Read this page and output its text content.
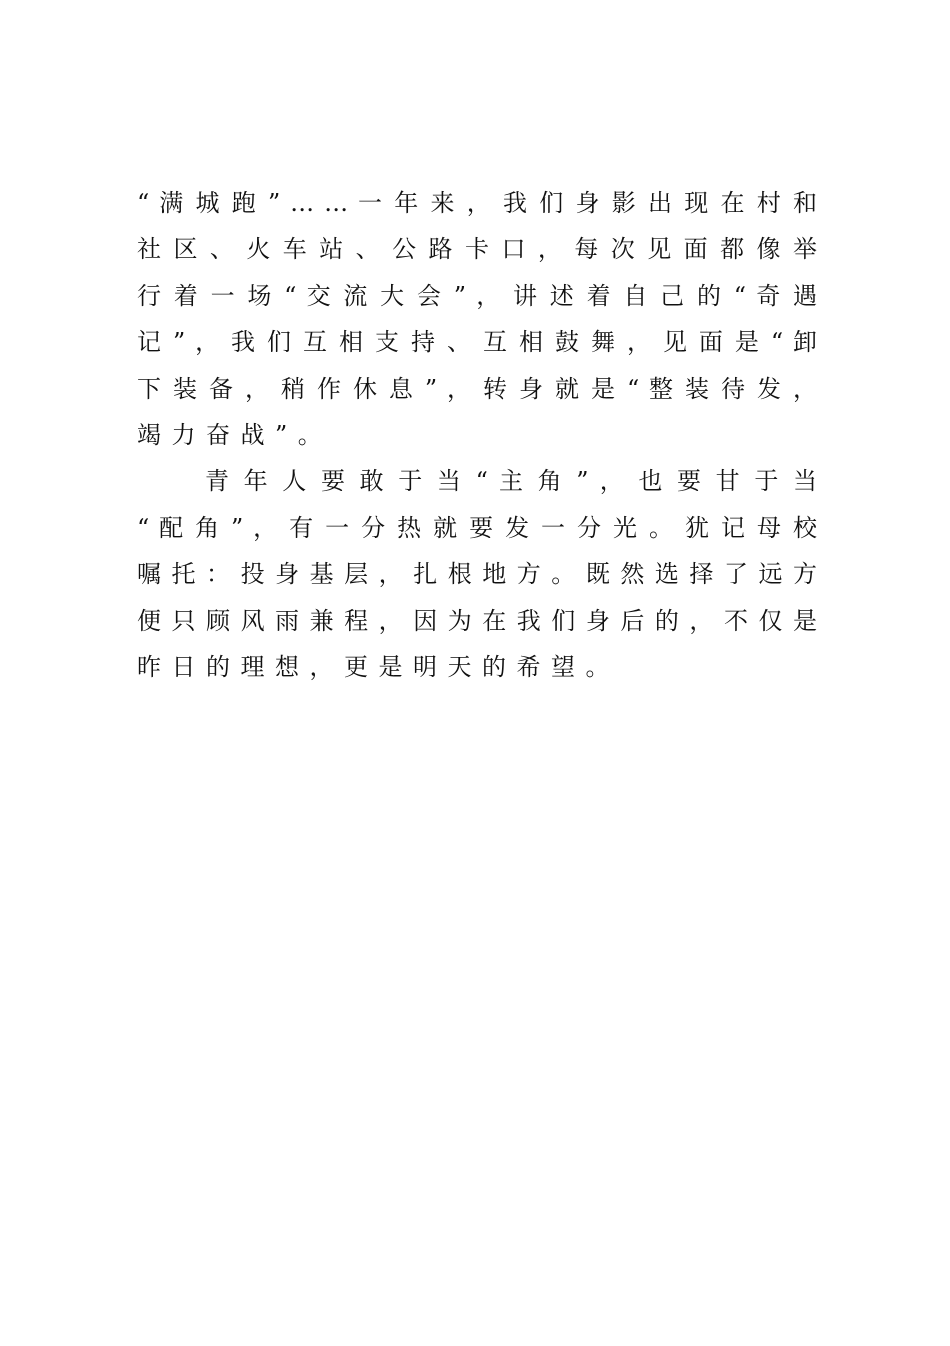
“ 满 城 跑 ” … … 一 年 来 ， 我 们 身 影 出 现 在 村 和
社 区 、 火 车 站 、 公 路 卡 口 ， 每 次 见 面 都 像 举
行 着 一 场 “ 交 流 大 会 ” ， 讲 述 着 自 己 的 “ 奇 遇
记 ” ， 我 们 互 相 支 持 、 互 相 鼓 舞 ， 见 面 是 “ 卸
下 装 备 ， 稍 作 休 息 ” ， 转 身 就 是 “ 整 装 待 发 ，
竭力奋战”。
青 年 人 要 敢 于 当 “ 主 角 ” ， 也 要 甘 于 当
“ 配 角 ” ， 有 一 分 热 就 要 发 一 分 光 。 犹 记 母 校
嘱 托 ： 投 身 基 层 ， 扎 根 地 方 。 既 然 选 择 了 远 方
便 只 顾 风 雨 兼 程 ， 因 为 在 我 们 身 后 的 ， 不 仅 是
昨日的理想，更是明天的希望。
